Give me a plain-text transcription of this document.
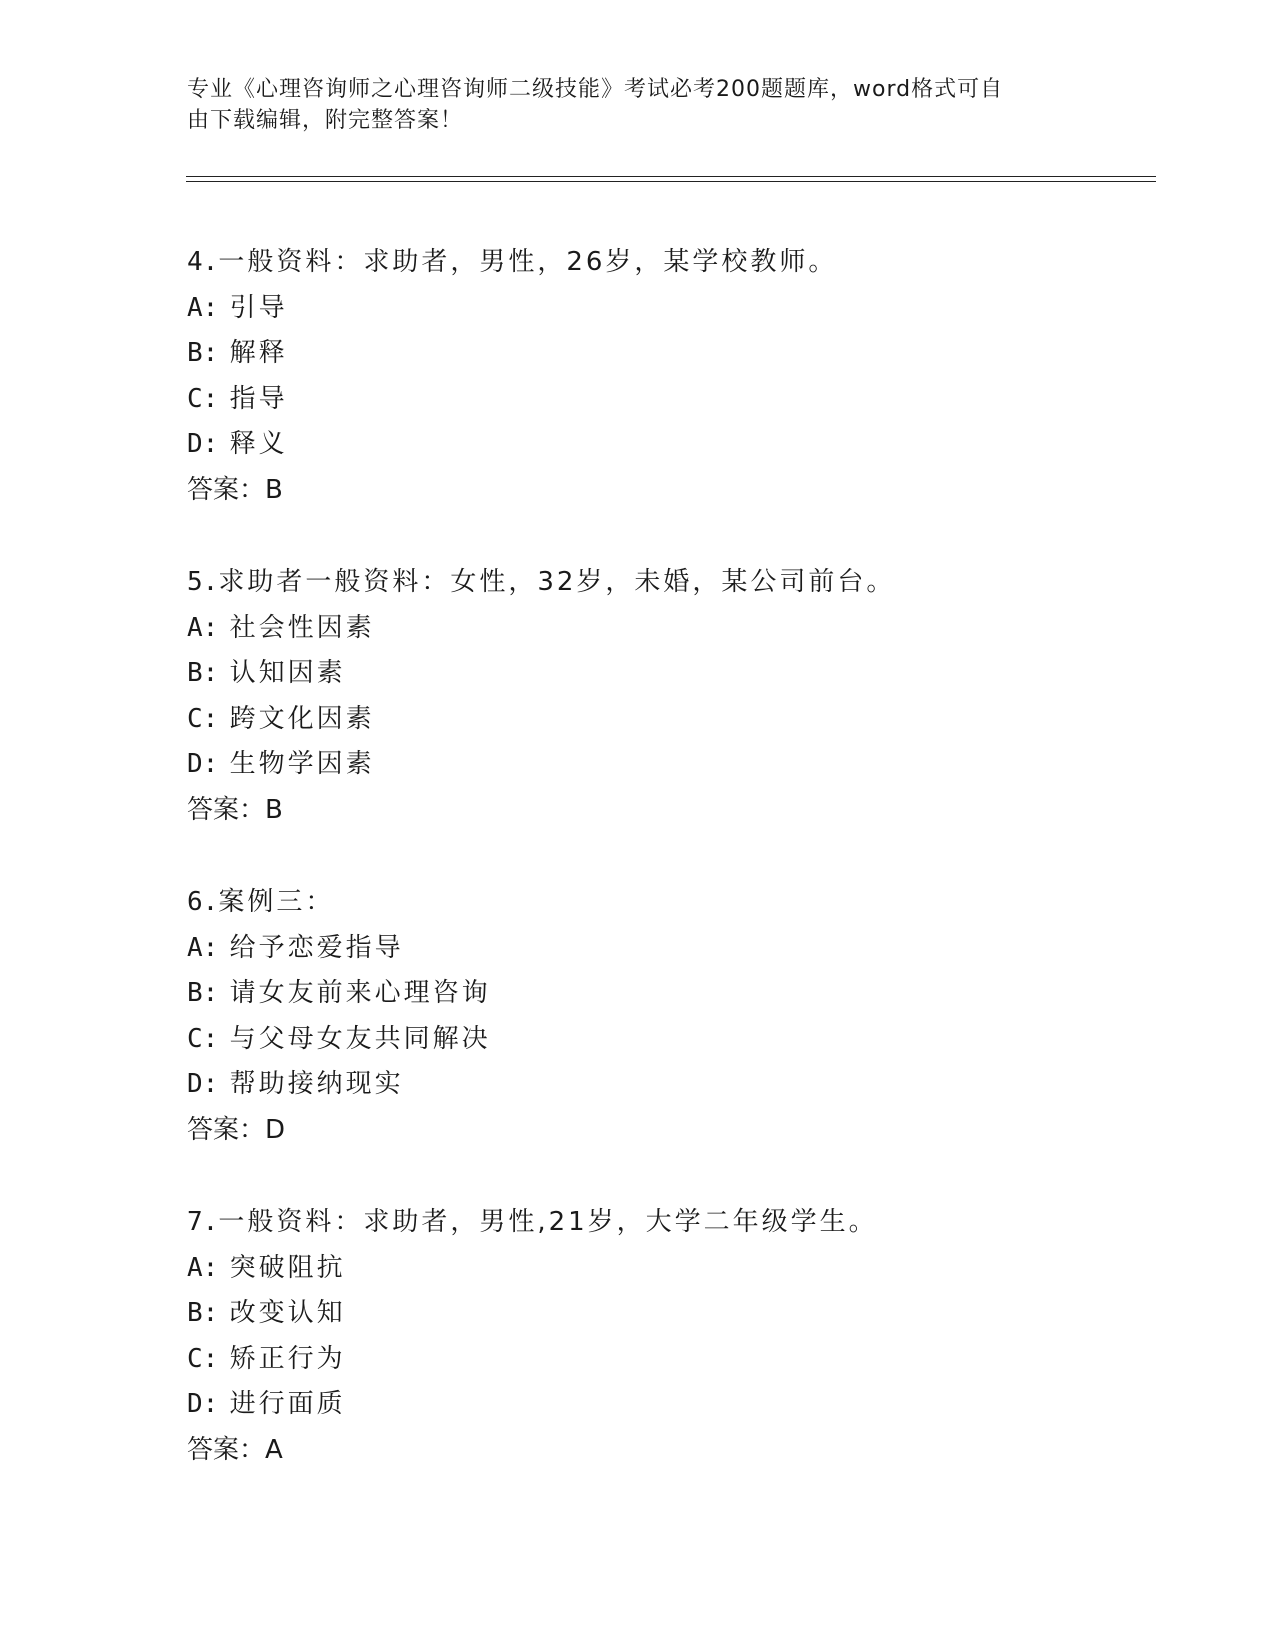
专业《心理咨询师之心理咨询师二级技能》考试必考200题题库，word格式可自
由下载编辑，附完整答案！
4.一般资料：求助者，男性，26岁，某学校教师。
A: 引导
B: 解释
C: 指导
D: 释义
答案：B
5.求助者一般资料：女性，32岁，未婚，某公司前台。
A: 社会性因素
B: 认知因素
C: 跨文化因素
D: 生物学因素
答案：B
6.案例三：
A: 给予恋爱指导
B: 请女友前来心理咨询
C: 与父母女友共同解决
D: 帮助接纳现实
答案：D
7.一般资料：求助者，男性,21岁，大学二年级学生。
A: 突破阻抗
B: 改变认知
C: 矫正行为
D: 进行面质
答案：A
